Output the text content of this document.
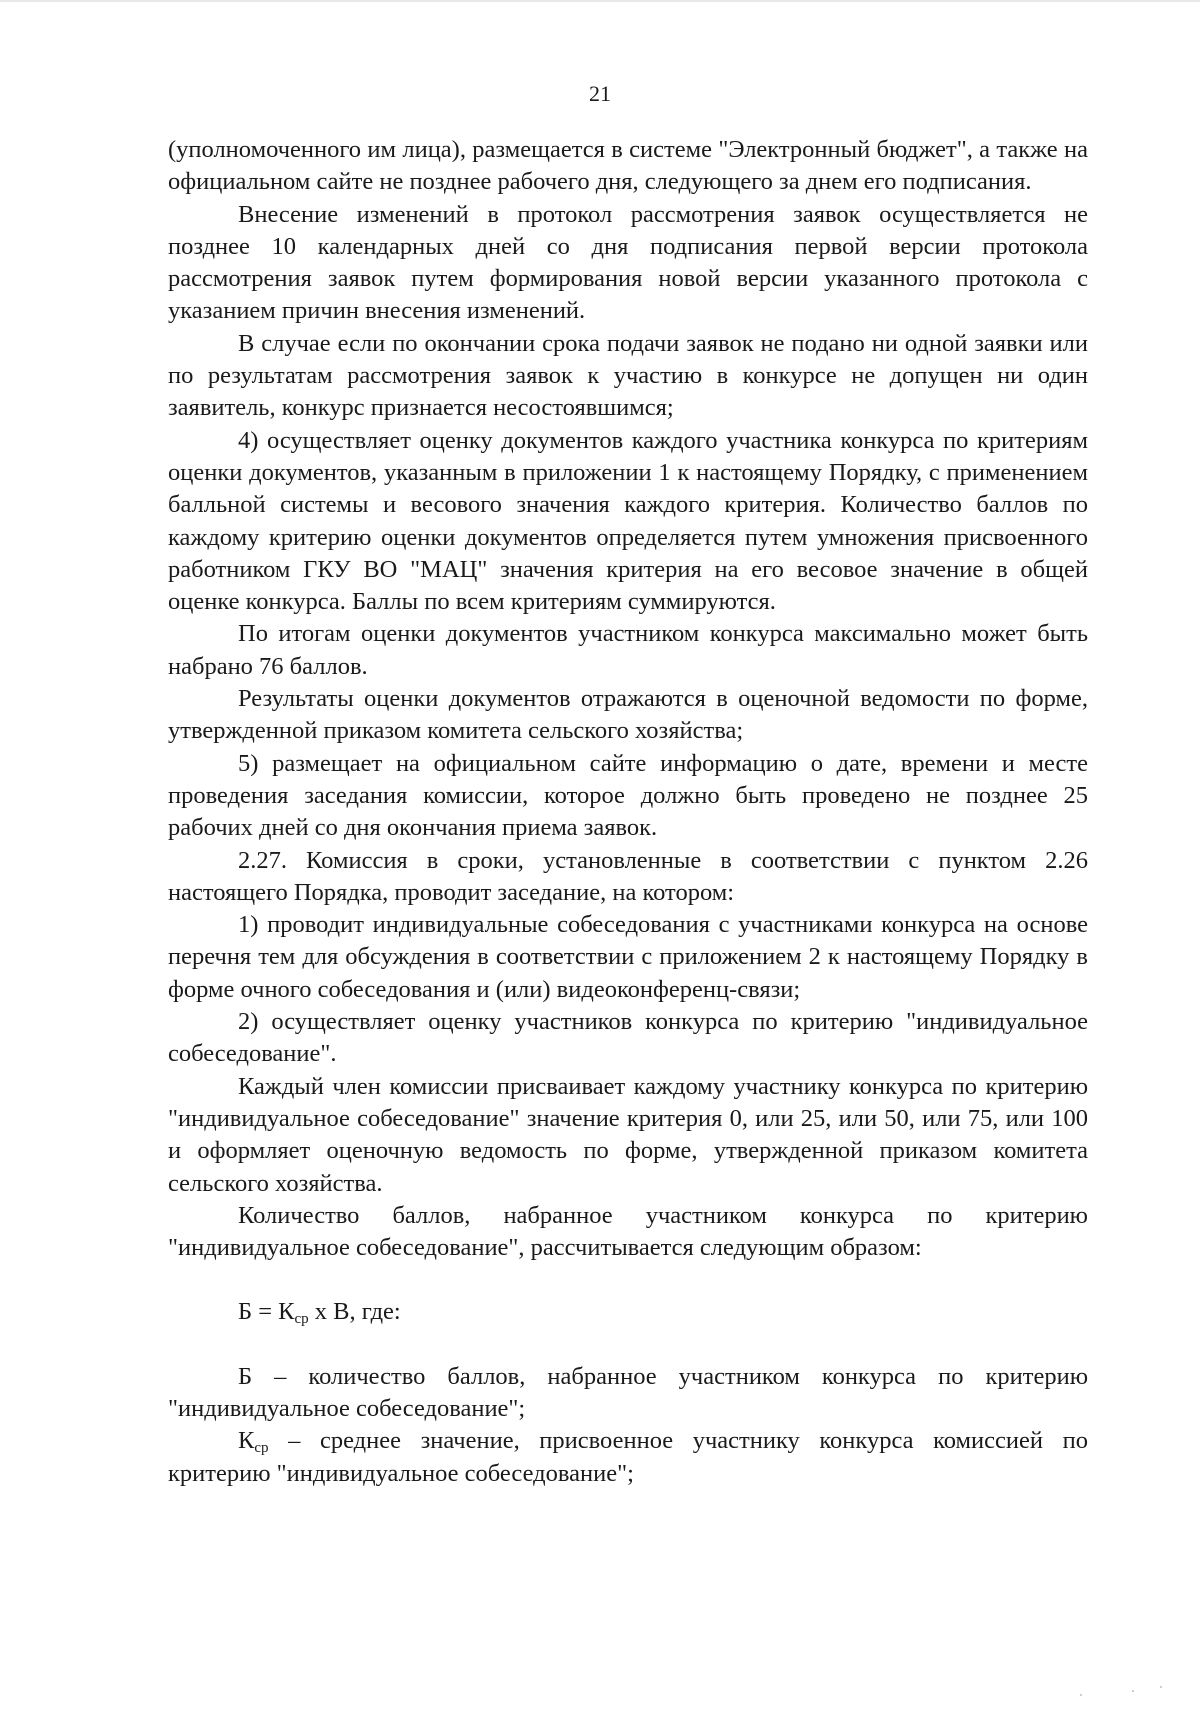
21

(уполномоченного им лица), размещается в системе "Электронный бюджет", а также на официальном сайте не позднее рабочего дня, следующего за днем его подписания.

Внесение изменений в протокол рассмотрения заявок осуществляется не позднее 10 календарных дней со дня подписания первой версии протокола рассмотрения заявок путем формирования новой версии указанного протокола с указанием причин внесения изменений.

В случае если по окончании срока подачи заявок не подано ни одной заявки или по результатам рассмотрения заявок к участию в конкурсе не допущен ни один заявитель, конкурс признается несостоявшимся;

4) осуществляет оценку документов каждого участника конкурса по критериям оценки документов, указанным в приложении 1 к настоящему Порядку, с применением балльной системы и весового значения каждого критерия. Количество баллов по каждому критерию оценки документов определяется путем умножения присвоенного работником ГКУ ВО "МАЦ" значения критерия на его весовое значение в общей оценке конкурса. Баллы по всем критериям суммируются.

По итогам оценки документов участником конкурса максимально может быть набрано 76 баллов.

Результаты оценки документов отражаются в оценочной ведомости по форме, утвержденной приказом комитета сельского хозяйства;

5) размещает на официальном сайте информацию о дате, времени и месте проведения заседания комиссии, которое должно быть проведено не позднее 25 рабочих дней со дня окончания приема заявок.

2.27. Комиссия в сроки, установленные в соответствии с пунктом 2.26 настоящего Порядка, проводит заседание, на котором:

1) проводит индивидуальные собеседования с участниками конкурса на основе перечня тем для обсуждения в соответствии с приложением 2 к настоящему Порядку в форме очного собеседования и (или) видеоконференц-связи;

2) осуществляет оценку участников конкурса по критерию "индивидуальное собеседование".

Каждый член комиссии присваивает каждому участнику конкурса по критерию "индивидуальное собеседование" значение критерия 0, или 25, или 50, или 75, или 100 и оформляет оценочную ведомость по форме, утвержденной приказом комитета сельского хозяйства.

Количество баллов, набранное участником конкурса по критерию "индивидуальное собеседование", рассчитывается следующим образом:

$Б = К_{ср}$ х В, где:

Б – количество баллов, набранное участником конкурса по критерию "индивидуальное собеседование";

$К_{ср}$ – среднее значение, присвоенное участнику конкурса комиссией по критерию "индивидуальное собеседование";
